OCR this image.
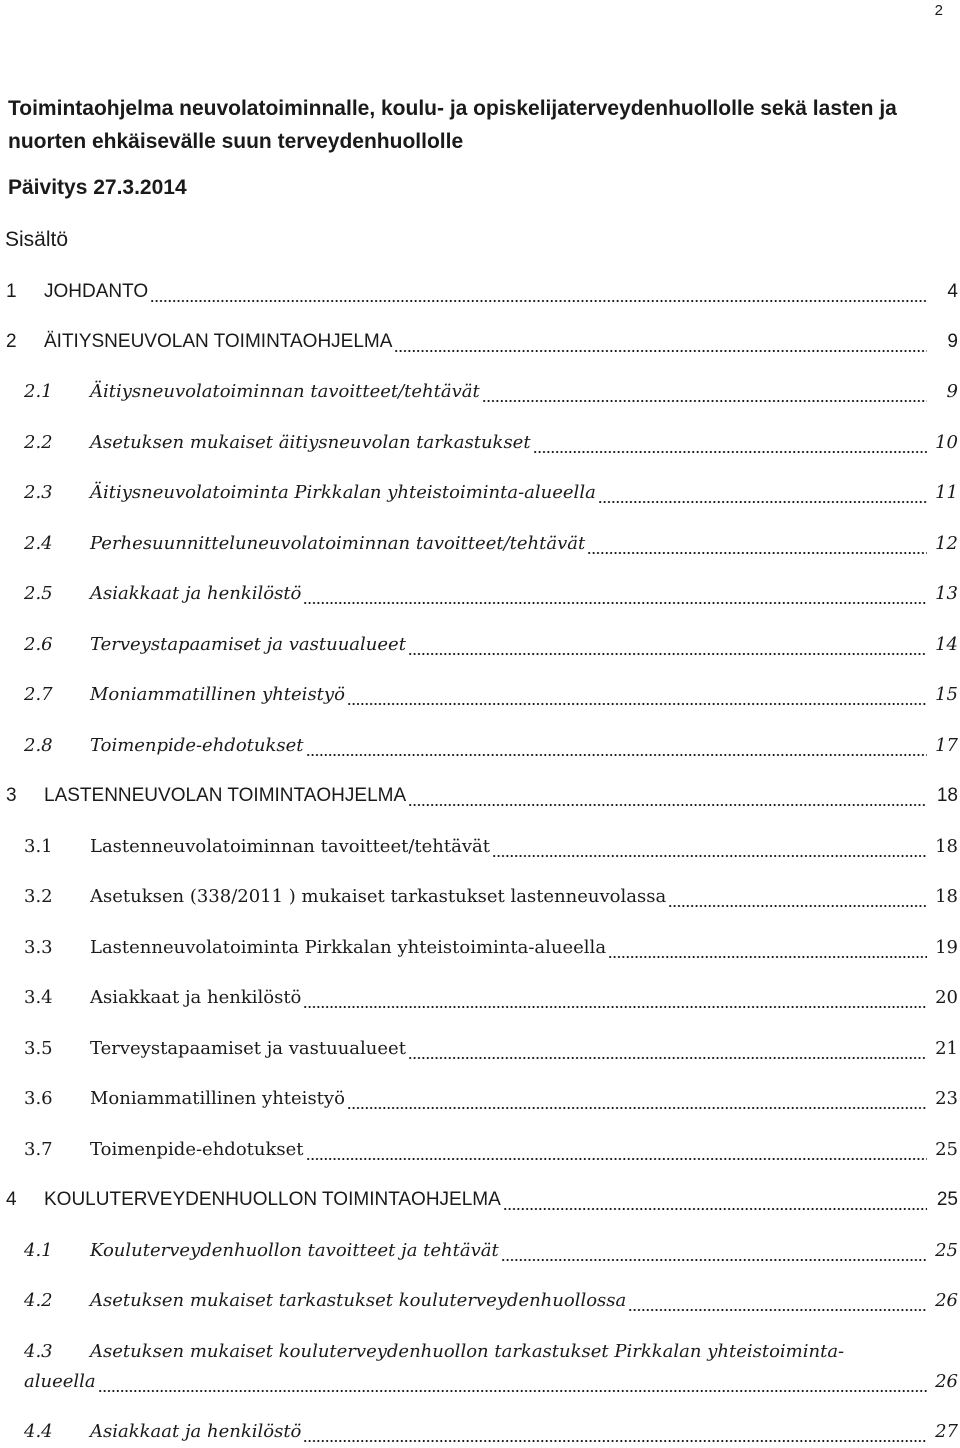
2
Toimintaohjelma neuvolatoiminnalle, koulu- ja opiskelijaterveydenhuollolle sekä lasten ja nuorten ehkäisevälle suun terveydenhuollolle
Päivitys 27.3.2014
Sisältö
1 JOHDANTO	4
2 ÄITIYSNEUVOLAN TOIMINTAOHJELMA	9
2.1 Äitiysneuvolatoiminnan tavoitteet/tehtävät	9
2.2 Asetuksen mukaiset äitiysneuvolan tarkastukset	10
2.3 Äitiysneuvolatoiminta Pirkkalan yhteistoiminta-alueella	11
2.4 Perhesuunnitteluneuvolatoiminnan tavoitteet/tehtävät	12
2.5 Asiakkaat ja henkilöstö	13
2.6 Terveystapaamiset ja vastuualueet	14
2.7 Moniammatillinen yhteistyö	15
2.8 Toimenpide-ehdotukset	17
3 LASTENNEUVOLAN TOIMINTAOHJELMA	18
3.1 Lastenneuvolatoiminnan tavoitteet/tehtävät	18
3.2 Asetuksen (338/2011 ) mukaiset tarkastukset lastenneuvolassa	18
3.3 Lastenneuvolatoiminta Pirkkalan yhteistoiminta-alueella	19
3.4 Asiakkaat ja henkilöstö	20
3.5 Terveystapaamiset ja vastuualueet	21
3.6 Moniammatillinen yhteistyö	23
3.7 Toimenpide-ehdotukset	25
4 KOULUTERVEYDENHUOLLON TOIMINTAOHJELMA	25
4.1 Kouluterveydenhuollon tavoitteet ja tehtävät	25
4.2 Asetuksen mukaiset tarkastukset kouluterveydenhuollossa	26
4.3 Asetuksen mukaiset kouluterveydenhuollon tarkastukset Pirkkalan yhteistoiminta-
alueella	26
4.4 Asiakkaat ja henkilöstö	27
